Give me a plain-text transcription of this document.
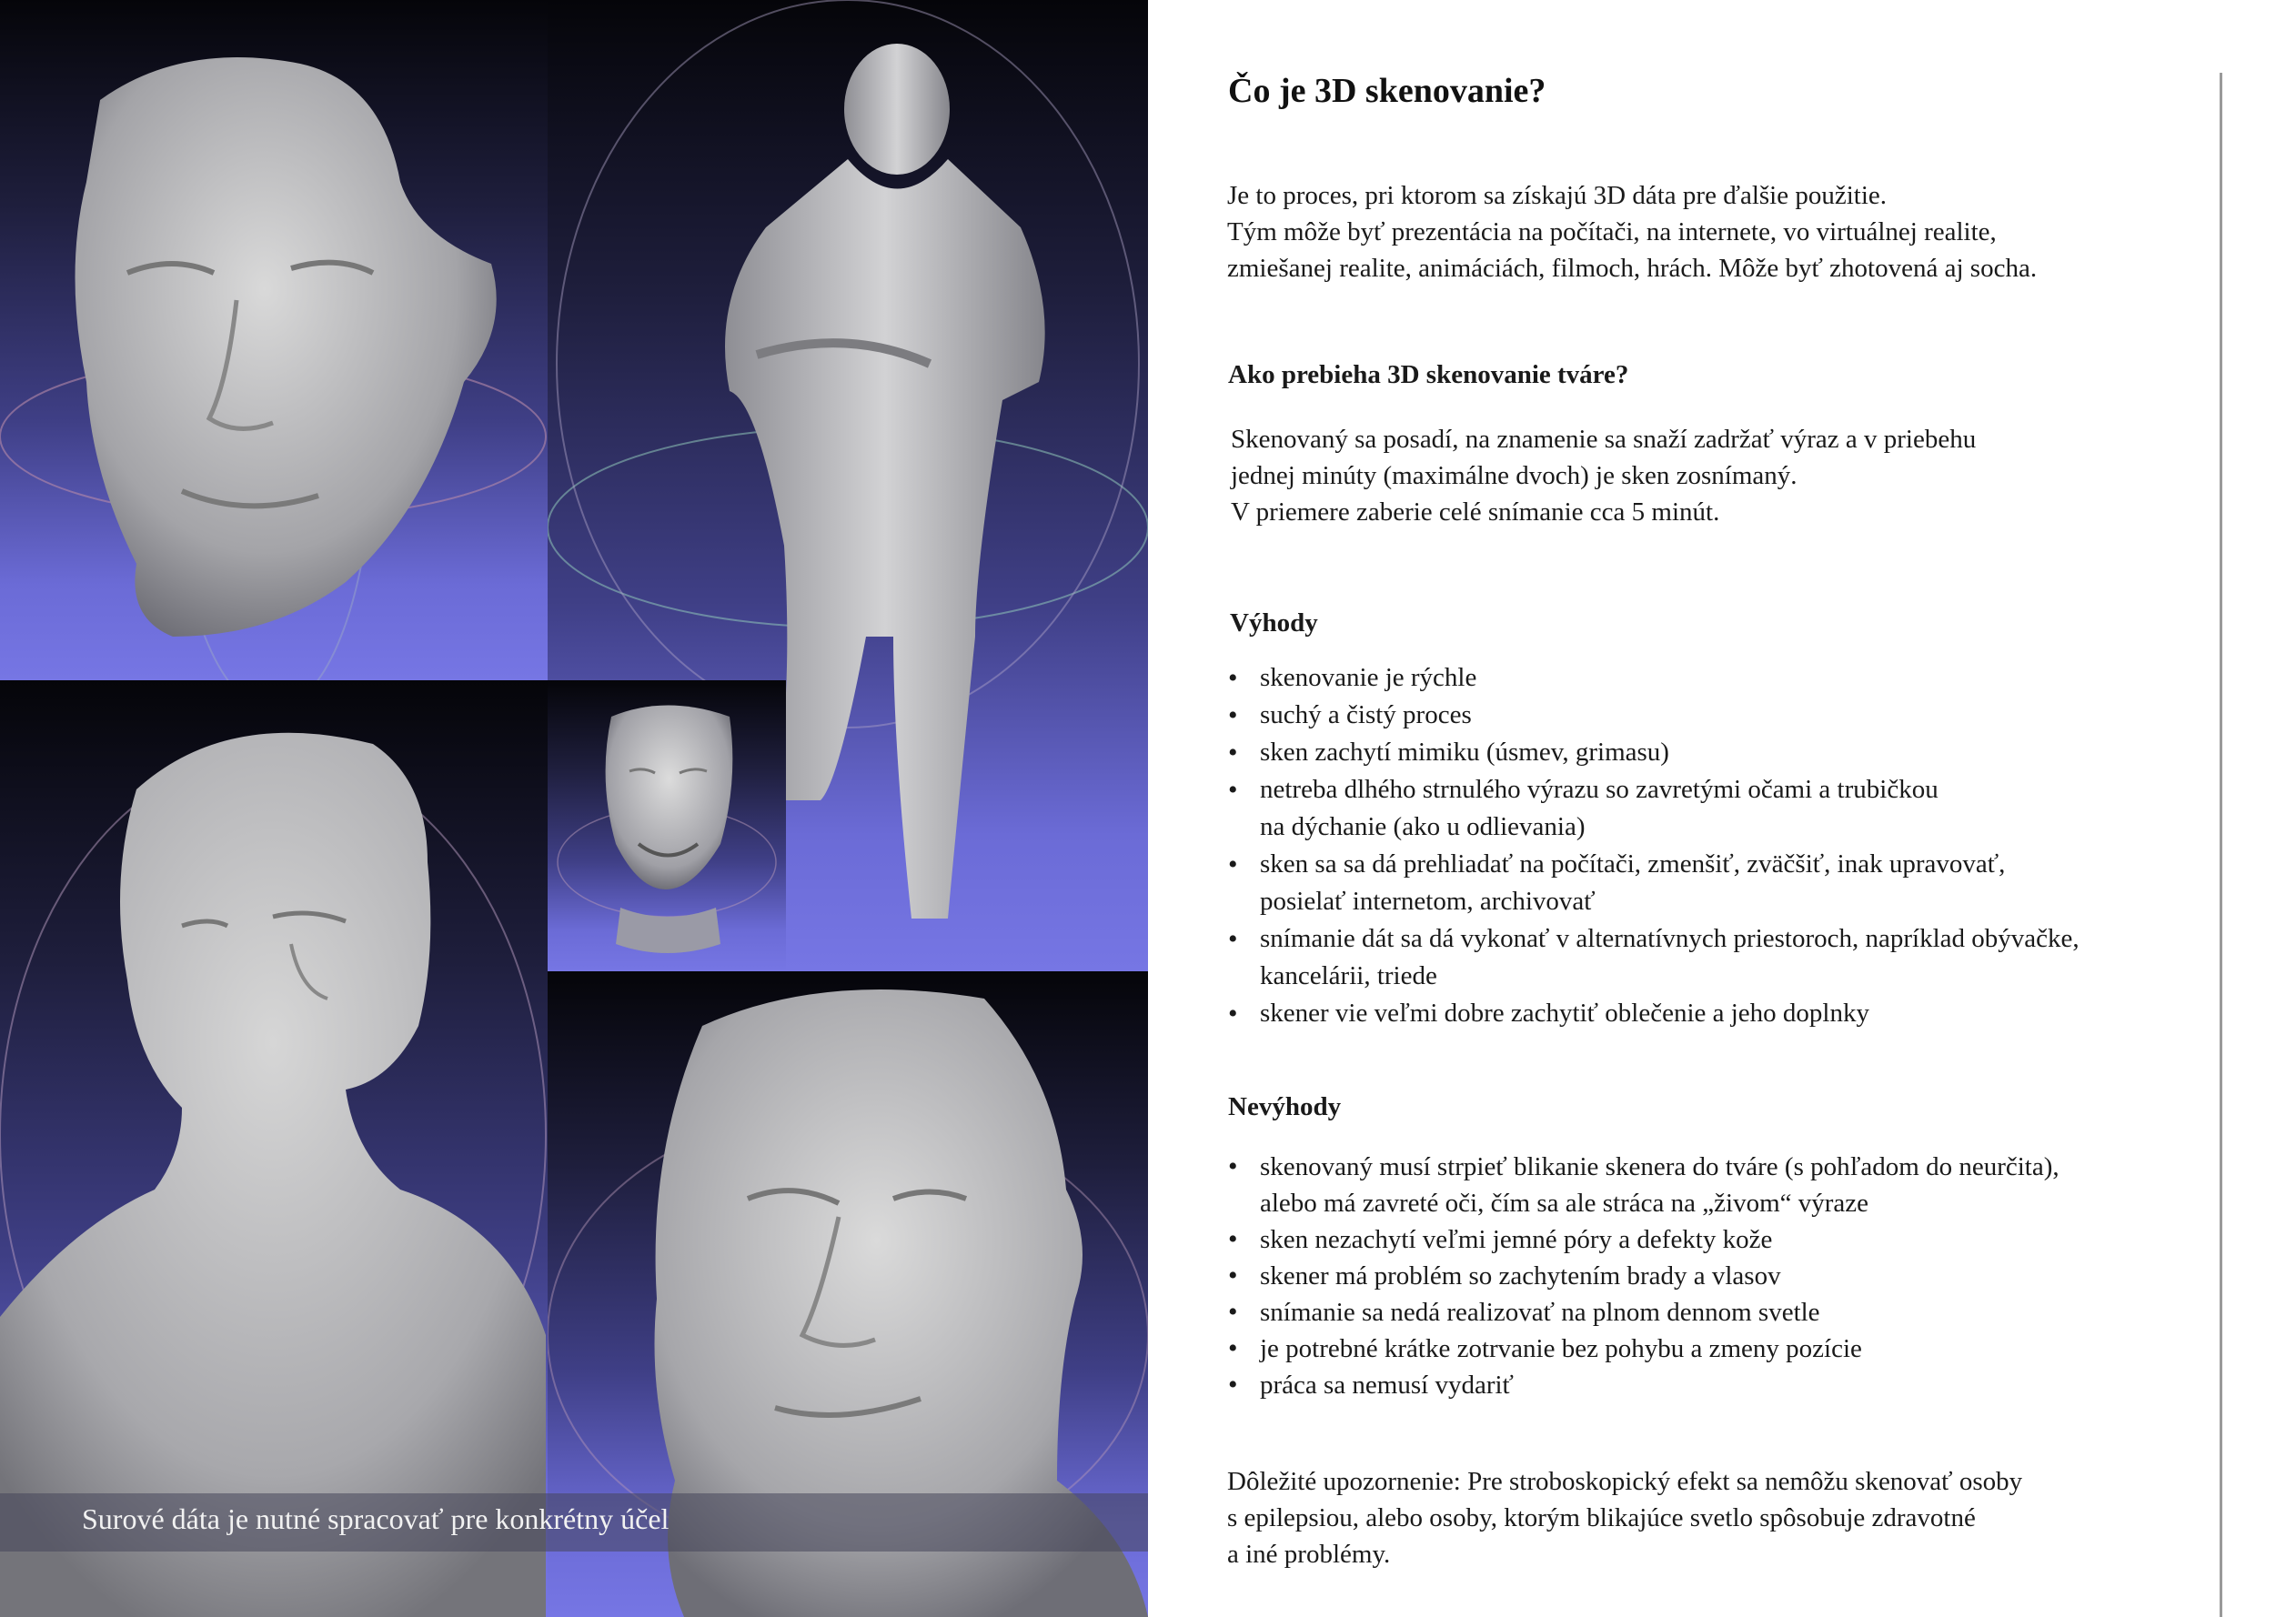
Surové dáta je nutné spracovať pre konkrétny účel
Čo je 3D skenovanie?
Je to proces, pri ktorom sa získajú 3D dáta pre ďalšie použitie.
Tým môže byť prezentácia na počítači, na internete, vo virtuálnej realite,
zmiešanej realite, animáciách, filmoch, hrách. Môže byť zhotovená aj socha.
Ako prebieha 3D skenovanie tváre?
Skenovaný sa posadí, na znamenie sa snaží zadržať výraz a v priebehu
jednej minúty (maximálne dvoch) je sken zosnímaný.
V priemere zaberie celé snímanie cca 5 minút.
Výhody
• skenovanie je rýchle
• suchý a čistý proces
• sken zachytí mimiku (úsmev, grimasu)
• netreba dlhého strnulého výrazu so zavretými očami a trubičkou
na dýchanie (ako u odlievania)
• sken sa sa dá prehliadať na počítači, zmenšiť, zväčšiť, inak upravovať,
posielať internetom, archivovať
• snímanie dát sa dá vykonať v alternatívnych priestoroch, napríklad obývačke,
kancelárii, triede
• skener vie veľmi dobre zachytiť oblečenie a jeho doplnky
Nevýhody
• skenovaný musí strpieť blikanie skenera do tváre (s pohľadom do neurčita),
alebo má zavreté oči, čím sa ale stráca na „živom“ výraze
• sken nezachytí veľmi jemné póry a defekty kože
• skener má problém so zachytením brady a vlasov
• snímanie sa nedá realizovať na plnom dennom svetle
• je potrebné krátke zotrvanie bez pohybu a zmeny pozície
• práca sa nemusí vydariť
Dôležité upozornenie: Pre stroboskopický efekt sa nemôžu skenovať osoby
s epilepsiou, alebo osoby, ktorým blikajúce svetlo spôsobuje zdravotné
a iné problémy.
